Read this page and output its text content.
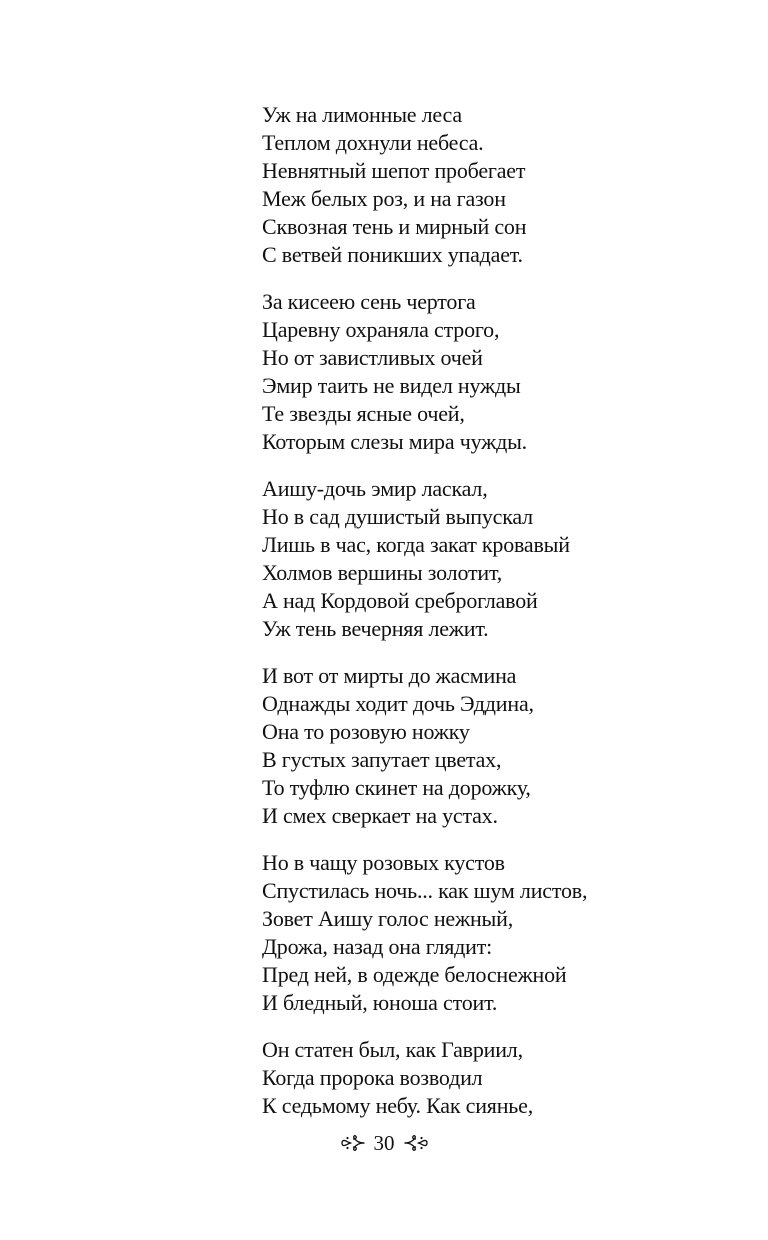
Уж на лимонные леса
Теплом дохнули небеса.
Невнятный шепот пробегает
Меж белых роз, и на газон
Сквозная тень и мирный сон
С ветвей поникших упадает.
За кисеею сень чертога
Царевну охраняла строго,
Но от завистливых очей
Эмир таить не видел нужды
Те звезды ясные очей,
Которым слезы мира чужды.
Аишу-дочь эмир ласкал,
Но в сад душистый выпускал
Лишь в час, когда закат кровавый
Холмов вершины золотит,
А над Кордовой среброглавой
Уж тень вечерняя лежит.
И вот от мирты до жасмина
Однажды ходит дочь Эддина,
Она то розовую ножку
В густых запутает цветах,
То туфлю скинет на дорожку,
И смех сверкает на устах.
Но в чащу розовых кустов
Спустилась ночь... как шум листов,
Зовет Аишу голос нежный,
Дрожа, назад она глядит:
Пред ней, в одежде белоснежной
И бледный, юноша стоит.
Он статен был, как Гавриил,
Когда пророка возводил
К седьмому небу. Как сиянье,
30
